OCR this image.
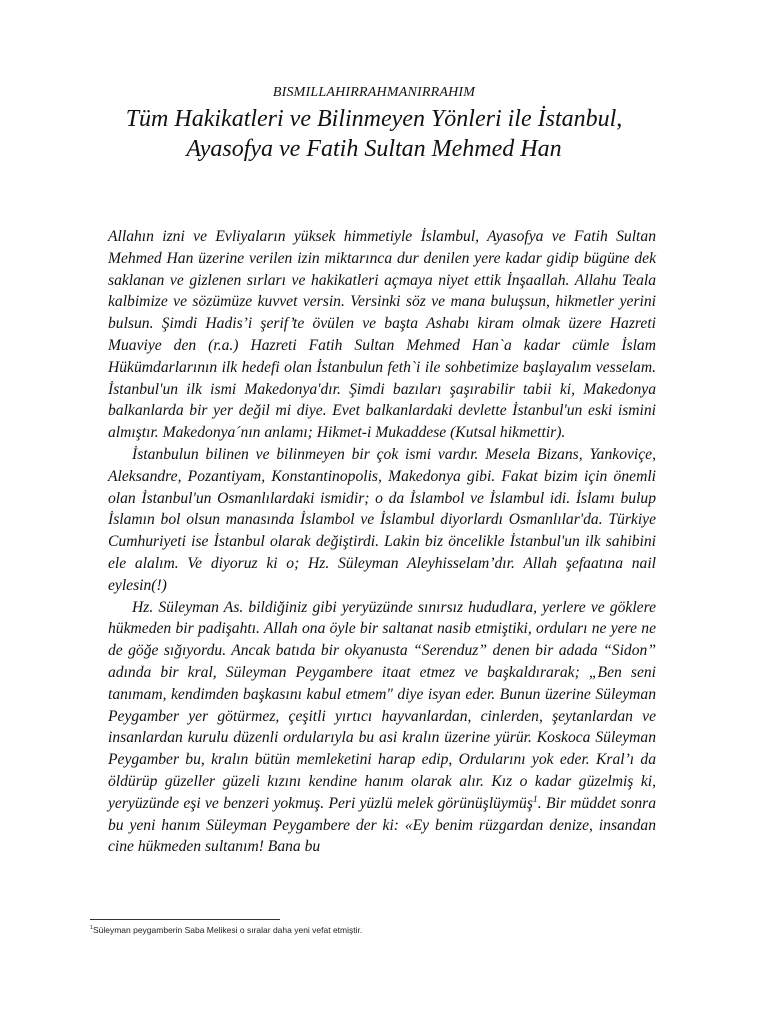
BISMILLAHIRRAHMANIRRAHIM

Tüm Hakikatleri ve Bilinmeyen Yönleri ile İstanbul,

Ayasofya ve Fatih Sultan Mehmed Han

Allahın izni ve Evliyaların yüksek himmetiyle İslambul, Ayasofya ve Fatih Sultan Mehmed Han üzerine verilen izin miktarınca dur denilen yere kadar gidip bügüne dek saklanan ve gizlenen sırları ve hakikatleri açmaya niyet ettik İnşaallah. Allahu Teala kalbimize ve sözümüze kuvvet versin. Versinki söz ve mana buluşsun, hikmetler yerini bulsun. Şimdi Hadis’i şerif’te övülen ve başta Ashabı kiram olmak üzere Hazreti Muaviye den (r.a.) Hazreti Fatih Sultan Mehmed Han`a kadar cümle İslam Hükümdarlarının ilk hedefi olan İstanbulun feth`i ile sohbetimize başlayalım vesselam. İstanbul'un ilk ismi Makedonya'dır. Şimdi bazıları şaşırabilir tabii ki, Makedonya balkanlarda bir yer değil mi diye. Evet balkanlardaki devlette İstanbul'un eski ismini almıştır. Makedonya´nın anlamı; Hikmet-i Mukaddese (Kutsal hikmettir).

İstanbulun bilinen ve bilinmeyen bir çok ismi vardır. Mesela Bizans, Yankoviçe, Aleksandre, Pozantiyam, Konstantinopolis, Makedonya gibi. Fakat bizim için önemli olan İstanbul'un Osmanlılardaki ismidir; o da İslambol ve İslambul idi. İslamı bulup İslamın bol olsun manasında İslambol ve İslambul diyorlardı Osmanlılar'da. Türkiye Cumhuriyeti ise İstanbul olarak değiştirdi. Lakin biz öncelikle İstanbul'un ilk sahibini ele alalım. Ve diyoruz ki o; Hz. Süleyman Aleyhisselam’dır. Allah şefaatına nail eylesin(!)

Hz. Süleyman As. bildiğiniz gibi yeryüzünde sınırsız hududlara, yerlere ve göklere hükmeden bir padişahtı. Allah ona öyle bir saltanat nasib etmiştiki, orduları ne yere ne de göğe sığıyordu. Ancak batıda bir okyanusta “Serenduz” denen bir adada “Sidon” adında bir kral, Süleyman Peygambere itaat etmez ve başkaldırarak; „Ben seni tanımam, kendimden başkasını kabul etmem" diye isyan eder. Bunun üzerine Süleyman Peygamber yer götürmez, çeşitli yırtıcı hayvanlardan, cinlerden, şeytanlardan ve insanlardan kurulu düzenli ordularıyla bu asi kralın üzerine yürür. Koskoca Süleyman Peygamber bu, kralın bütün memleketini harap edip, Ordularını yok eder. Kral’ı da öldürüp güzeller güzeli kızını kendine hanım olarak alır. Kız o kadar güzelmiş ki, yeryüzünde eşi ve benzeri yokmuş. Peri yüzlü melek görünüşlüymüş$^1$. Bir müddet sonra bu yeni hanım Süleyman Peygambere der ki: «Ey benim rüzgardan denize, insandan cine hükmeden sultanım! Bana bu

$^1$Süleyman peygamberin Saba Melikesi o sıralar daha yeni vefat etmiştir.
